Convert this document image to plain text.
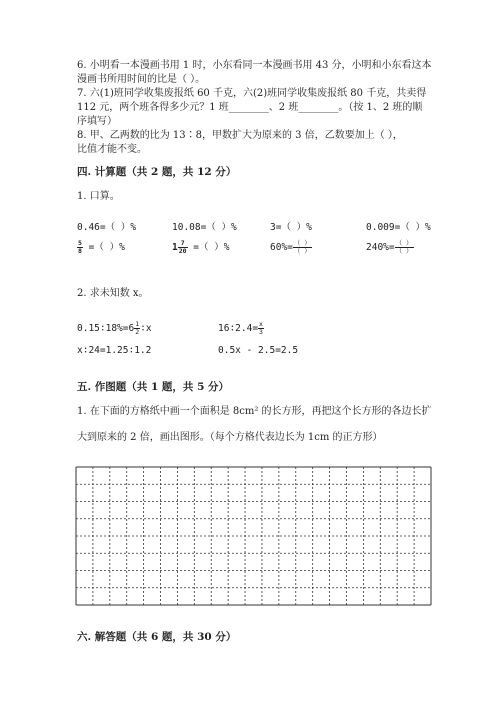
6. 小明看一本漫画书用 1 时，小东看同一本漫画书用 43 分，小明和小东看这本
漫画书所用时间的比是（ ）。
7. 六(1)班同学收集废报纸 60 千克，六(2)班同学收集废报纸 80 千克，共卖得
112 元，两个班各得多少元？1 班________、2 班________。（按 1、2 班的顺
序填写）
8. 甲、乙两数的比为 13∶8，甲数扩大为原来的 3 倍，乙数要加上（ ），
比值才能不变。
四. 计算题（共 2 题，共 12 分）
1. 口算。
0.46=（ ）%	10.08=（ ）%	3=（ ）%	0.009=（ ）%
$\frac{5}{8}$ =（ ）%	$1 \frac{7}{20}$ =（ ）%	$60\%= \frac{( )}{( )}$	$240\%= \frac{( )}{( )}$
2. 求未知数 x。
0.15∶18%=6 $\frac{1}{2}$ ∶x	16∶2.4= $\frac{x}{3}$
x∶24=1.25∶1.2	0.5x - 2.5=2.5
五. 作图题（共 1 题，共 5 分）
1. 在下面的方格纸中画一个面积是 8cm² 的长方形，再把这个长方形的各边长扩
大到原来的 2 倍，画出图形。（每个方格代表边长为 1cm 的正方形）
六. 解答题（共 6 题，共 30 分）
